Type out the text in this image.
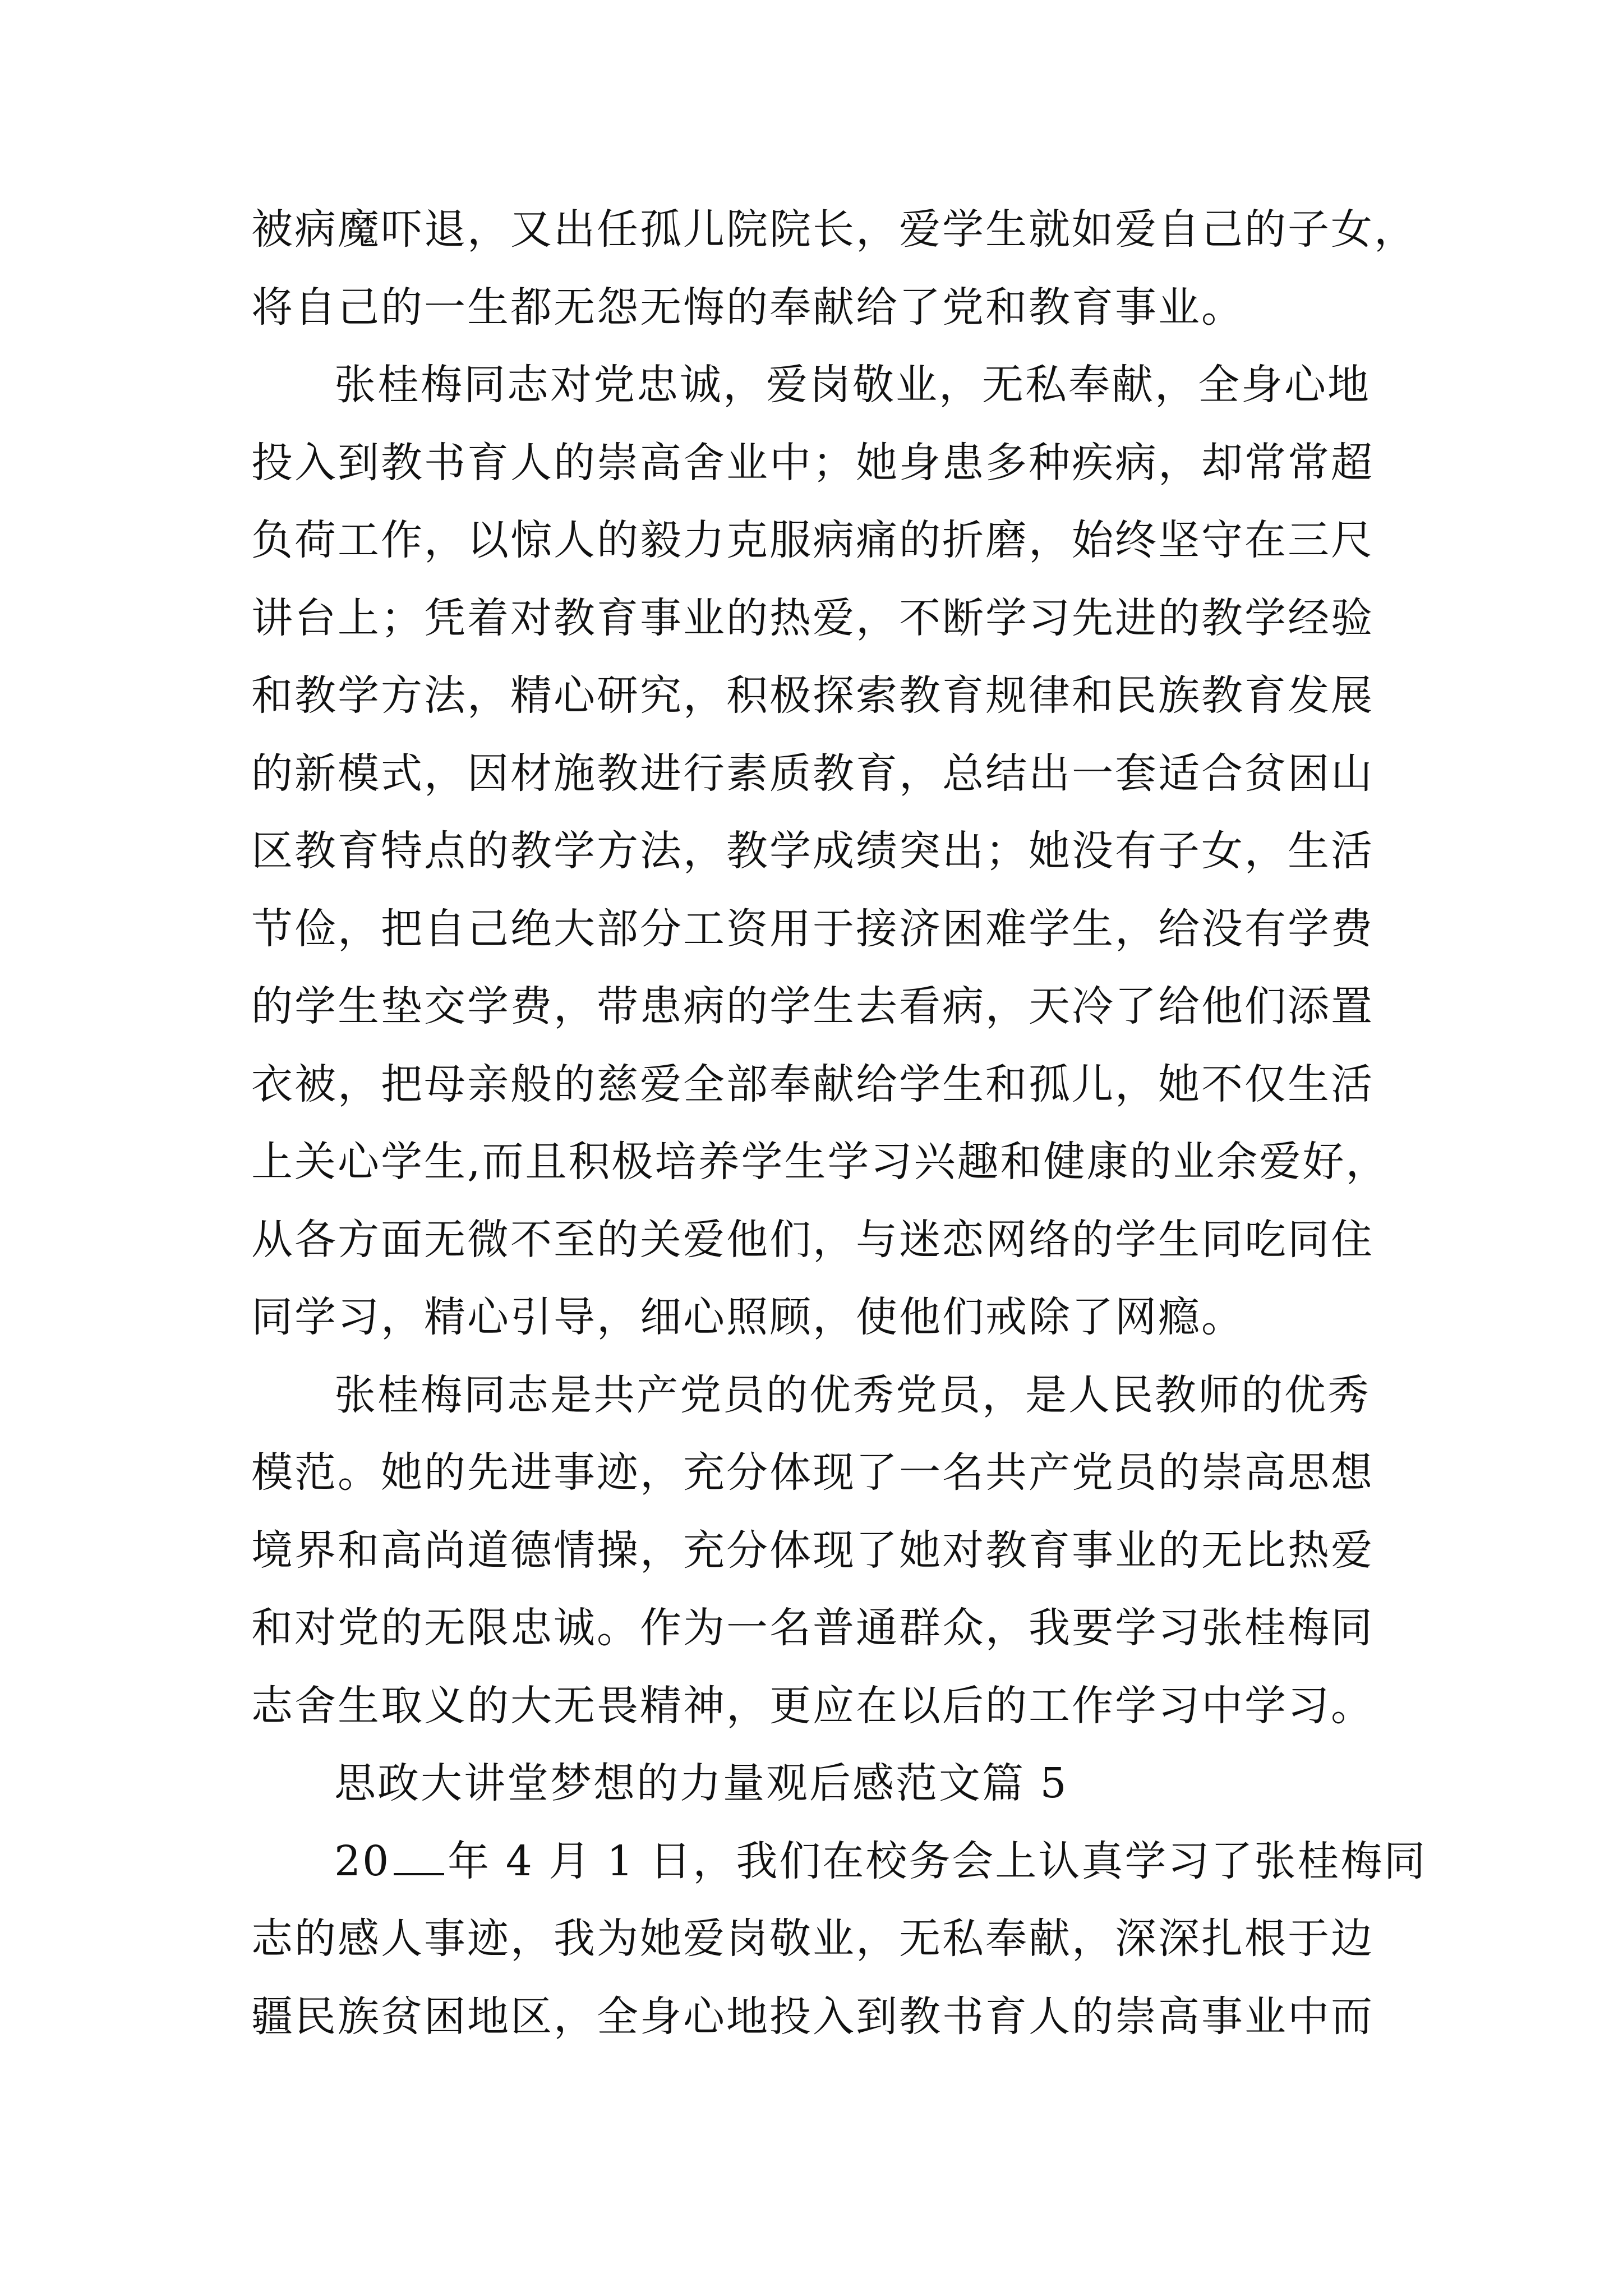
被病魔吓退，又出任孤儿院院长，爱学生就如爱自己的子女，
将自己的一生都无怨无悔的奉献给了党和教育事业。
张桂梅同志对党忠诚，爱岗敬业，无私奉献，全身心地
投入到教书育人的崇高舍业中；她身患多种疾病，却常常超
负荷工作，以惊人的毅力克服病痛的折磨，始终坚守在三尺
讲台上；凭着对教育事业的热爱，不断学习先进的教学经验
和教学方法，精心研究，积极探索教育规律和民族教育发展
的新模式，因材施教进行素质教育，总结出一套适合贫困山
区教育特点的教学方法，教学成绩突出；她没有子女，生活
节俭，把自己绝大部分工资用于接济困难学生，给没有学费
的学生垫交学费，带患病的学生去看病，天冷了给他们添置
衣被，把母亲般的慈爱全部奉献给学生和孤儿，她不仅生活
上关心学生,而且积极培养学生学习兴趣和健康的业余爱好，
从各方面无微不至的关爱他们，与迷恋网络的学生同吃同住
同学习，精心引导，细心照顾，使他们戒除了网瘾。
张桂梅同志是共产党员的优秀党员，是人民教师的优秀
模范。她的先进事迹，充分体现了一名共产党员的崇高思想
境界和高尚道德情操，充分体现了她对教育事业的无比热爱
和对党的无限忠诚。作为一名普通群众，我要学习张桂梅同
志舍生取义的大无畏精神，更应在以后的工作学习中学习。
思政大讲堂梦想的力量观后感范文篇 5
20 年 4 月 1 日，我们在校务会上认真学习了张桂梅同
志的感人事迹，我为她爱岗敬业，无私奉献，深深扎根于边
疆民族贫困地区，全身心地投入到教书育人的崇高事业中而
